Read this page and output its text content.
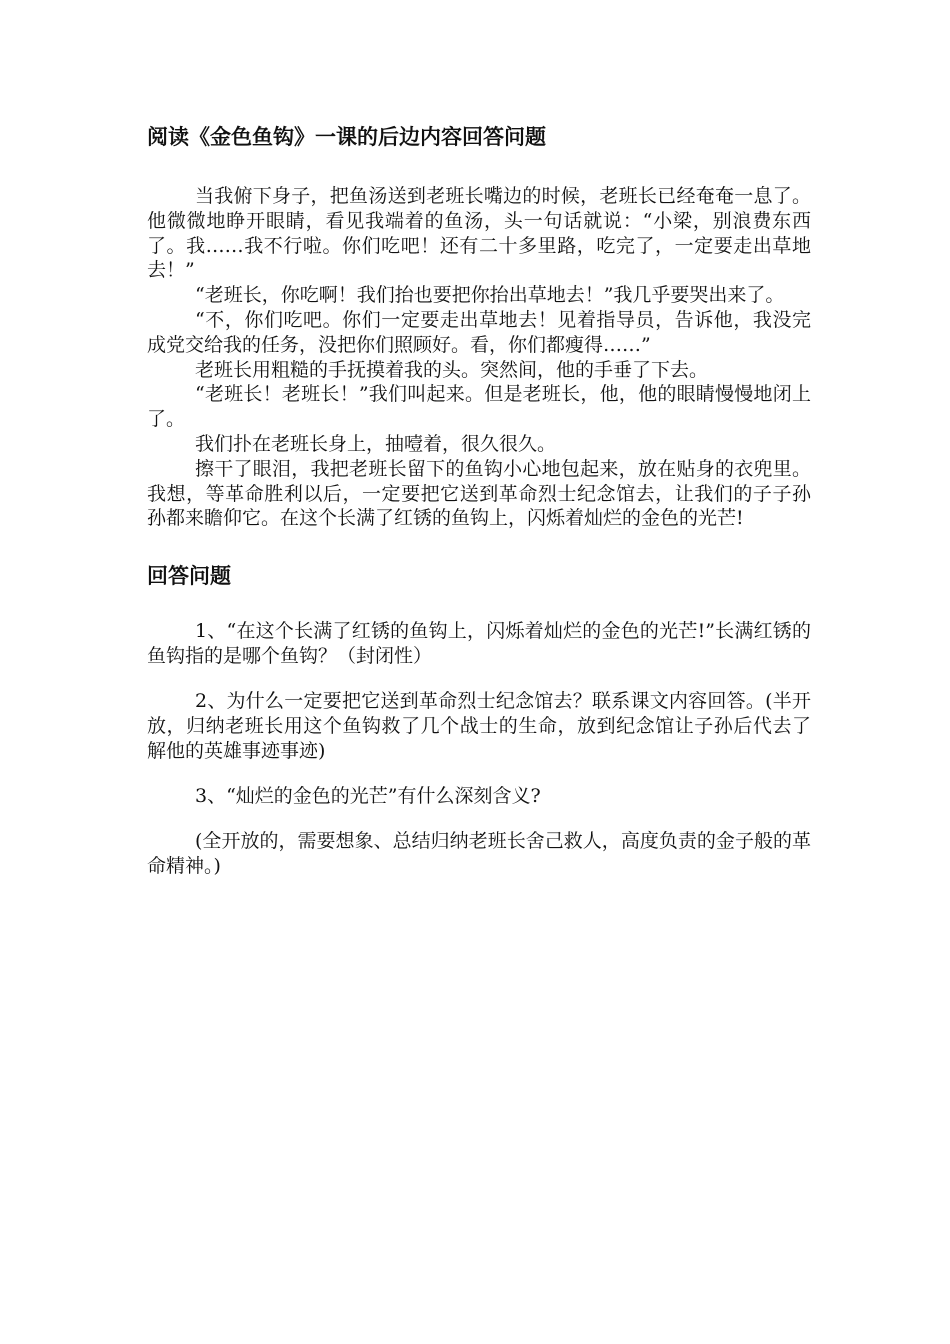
阅读《金色鱼钩》一课的后边内容回答问题

当我俯下身子，把鱼汤送到老班长嘴边的时候，老班长已经奄奄一息了。他微微地睁开眼睛，看见我端着的鱼汤，头一句话就说：“小梁，别浪费东西了。我……我不行啦。你们吃吧！还有二十多里路，吃完了，一定要走出草地去！”

“老班长，你吃啊！我们抬也要把你抬出草地去！”我几乎要哭出来了。

“不，你们吃吧。你们一定要走出草地去！见着指导员，告诉他，我没完成党交给我的任务，没把你们照顾好。看，你们都瘦得……”

老班长用粗糙的手抚摸着我的头。突然间，他的手垂了下去。

“老班长！老班长！”我们叫起来。但是老班长，他，他的眼睛慢慢地闭上了。

我们扑在老班长身上，抽噎着，很久很久。

擦干了眼泪，我把老班长留下的鱼钩小心地包起来，放在贴身的衣兜里。我想，等革命胜利以后，一定要把它送到革命烈士纪念馆去，让我们的子子孙孙都来瞻仰它。在这个长满了红锈的鱼钩上，闪烁着灿烂的金色的光芒!

回答问题

1、“在这个长满了红锈的鱼钩上，闪烁着灿烂的金色的光芒!”长满红锈的鱼钩指的是哪个鱼钩？（封闭性）

2、为什么一定要把它送到革命烈士纪念馆去？联系课文内容回答。(半开放，归纳老班长用这个鱼钩救了几个战士的生命，放到纪念馆让子孙后代去了解他的英雄事迹事迹)

3、“灿烂的金色的光芒”有什么深刻含义?

(全开放的，需要想象、总结归纳老班长舍己救人，高度负责的金子般的革命精神。)
